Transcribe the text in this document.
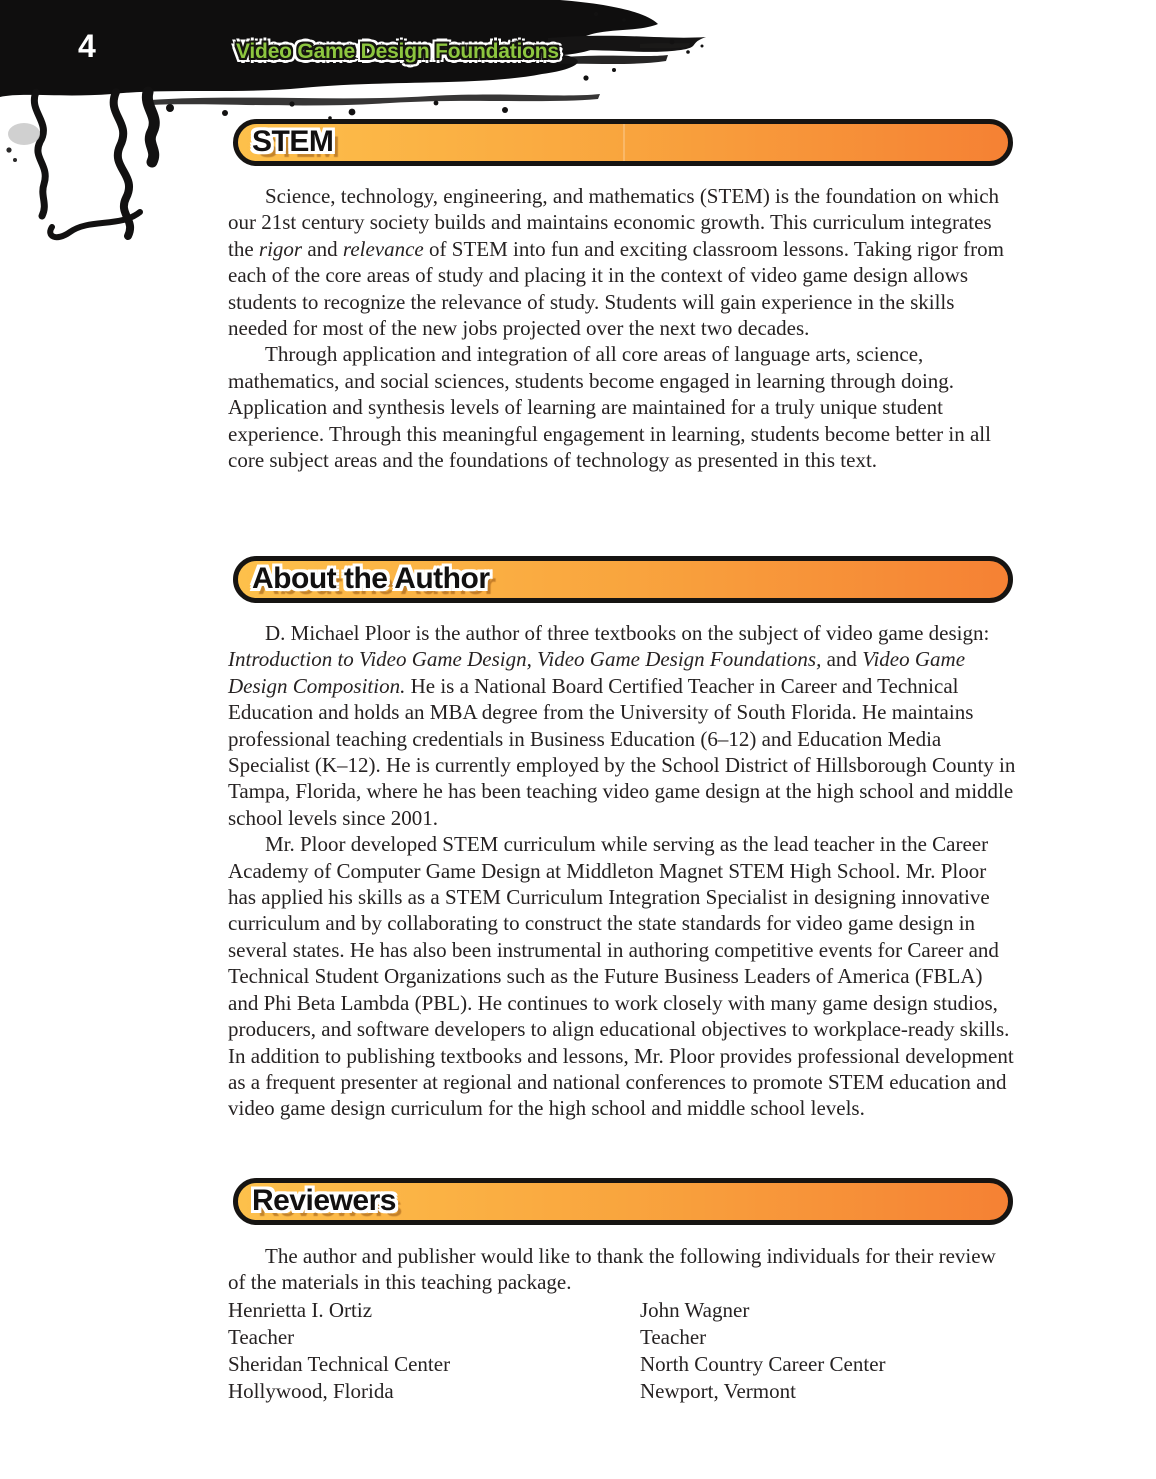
4	Video Game Design Foundations
STEM

Science, technology, engineering, and mathematics (STEM) is the foundation on which our 21st century society builds and maintains economic growth. This curriculum integrates the rigor and relevance of STEM into fun and exciting classroom lessons. Taking rigor from each of the core areas of study and placing it in the context of video game design allows students to recognize the relevance of study. Students will gain experience in the skills needed for most of the new jobs projected over the next two decades.

Through application and integration of all core areas of language arts, science, mathematics, and social sciences, students become engaged in learning through doing. Application and synthesis levels of learning are maintained for a truly unique student experience. Through this meaningful engagement in learning, students become better in all core subject areas and the foundations of technology as presented in this text.

About the Author

D. Michael Ploor is the author of three textbooks on the subject of video game design: Introduction to Video Game Design, Video Game Design Foundations, and Video Game Design Composition. He is a National Board Certified Teacher in Career and Technical Education and holds an MBA degree from the University of South Florida. He maintains professional teaching credentials in Business Education (6–12) and Education Media Specialist (K–12). He is currently employed by the School District of Hillsborough County in Tampa, Florida, where he has been teaching video game design at the high school and middle school levels since 2001.

Mr. Ploor developed STEM curriculum while serving as the lead teacher in the Career Academy of Computer Game Design at Middleton Magnet STEM High School. Mr. Ploor has applied his skills as a STEM Curriculum Integration Specialist in designing innovative curriculum and by collaborating to construct the state standards for video game design in several states. He has also been instrumental in authoring competitive events for Career and Technical Student Organizations such as the Future Business Leaders of America (FBLA) and Phi Beta Lambda (PBL). He continues to work closely with many game design studios, producers, and software developers to align educational objectives to workplace-ready skills. In addition to publishing textbooks and lessons, Mr. Ploor provides professional development as a frequent presenter at regional and national conferences to promote STEM education and video game design curriculum for the high school and middle school levels.

Reviewers

The author and publisher would like to thank the following individuals for their review of the materials in this teaching package.

Henrietta I. Ortiz
Teacher
Sheridan Technical Center
Hollywood, Florida
John Wagner
Teacher
North Country Career Center
Newport, Vermont
